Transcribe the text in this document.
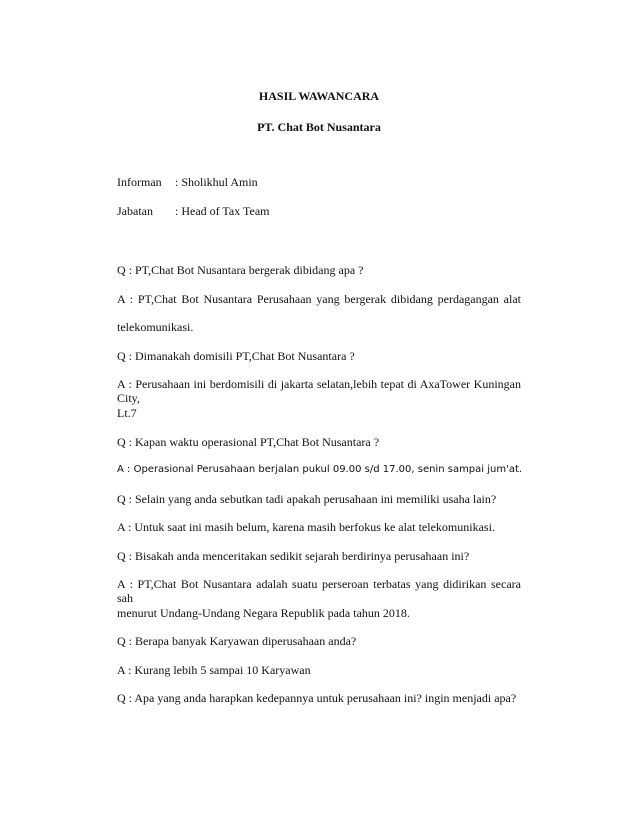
HASIL WAWANCARA
PT. Chat Bot Nusantara
Informan : Sholikhul Amin
Jabatan : Head of Tax Team
Q : PT,Chat Bot Nusantara bergerak dibidang apa ?
A : PT,Chat Bot Nusantara Perusahaan yang bergerak dibidang perdagangan alat
telekomunikasi.
Q : Dimanakah domisili PT,Chat Bot Nusantara ?
A : Perusahaan ini berdomisili di jakarta selatan,lebih tepat di AxaTower Kuningan City,
Lt.7
Q : Kapan waktu operasional PT,Chat Bot Nusantara ?
A : Operasional Perusahaan berjalan pukul 09.00 s/d 17.00, senin sampai jum'at.
Q : Selain yang anda sebutkan tadi apakah perusahaan ini memiliki usaha lain?
A : Untuk saat ini masih belum, karena masih berfokus ke alat telekomunikasi.
Q : Bisakah anda menceritakan sedikit sejarah berdirinya perusahaan ini?
A : PT,Chat Bot Nusantara adalah suatu perseroan terbatas yang didirikan secara sah
menurut Undang-Undang Negara Republik pada tahun 2018.
Q : Berapa banyak Karyawan diperusahaan anda?
A : Kurang lebih 5 sampai 10 Karyawan
Q : Apa yang anda harapkan kedepannya untuk perusahaan ini? ingin menjadi apa?
